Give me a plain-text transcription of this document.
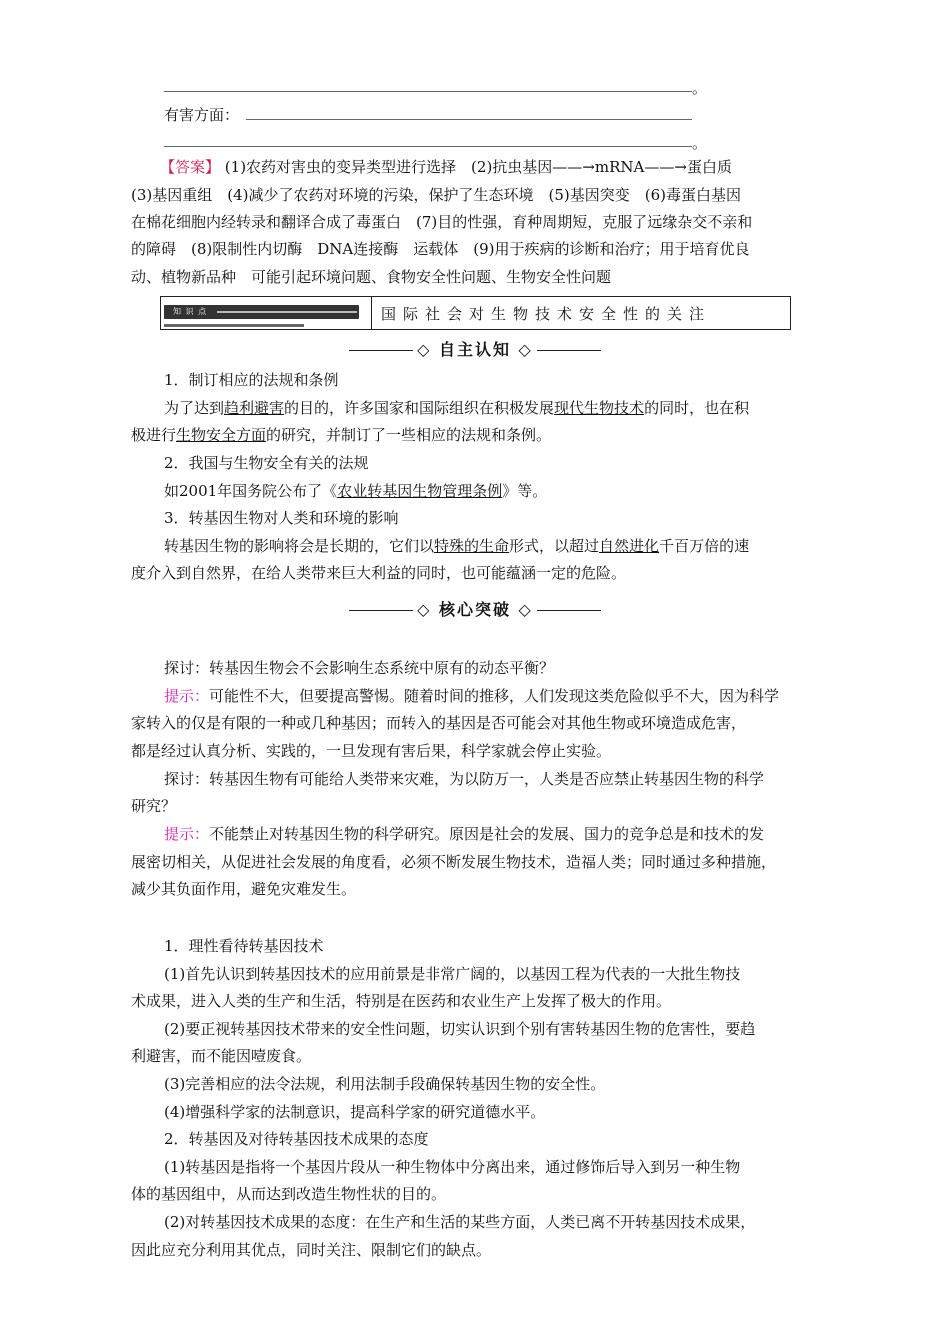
。
有害方面：
。
【答案】 (1)农药对害虫的变异类型进行选择　(2)抗虫基因——→mRNA——→蛋白质
(3)基因重组　(4)减少了农药对环境的污染，保护了生态环境　(5)基因突变　(6)毒蛋白基因
在棉花细胞内经转录和翻译合成了毒蛋白　(7)目的性强，育种周期短，克服了远缘杂交不亲和
的障碍　(8)限制性内切酶　DNA连接酶　运载体　(9)用于疾病的诊断和治疗；用于培育优良
动、植物新品种　可能引起环境问题、食物安全性问题、生物安全性问题
知 识 点	国际社会对生物技术安全性的关注
◇ 自主认知 ◇
1．制订相应的法规和条例
为了达到趋利避害的目的，许多国家和国际组织在积极发展现代生物技术的同时，也在积
极进行生物安全方面的研究，并制订了一些相应的法规和条例。
2．我国与生物安全有关的法规
如2001年国务院公布了《农业转基因生物管理条例》等。
3．转基因生物对人类和环境的影响
转基因生物的影响将会是长期的，它们以特殊的生命形式，以超过自然进化千百万倍的速
度介入到自然界，在给人类带来巨大利益的同时，也可能蕴涵一定的危险。
◇ 核心突破 ◇
探讨：转基因生物会不会影响生态系统中原有的动态平衡？
提示：可能性不大，但要提高警惕。随着时间的推移，人们发现这类危险似乎不大，因为科学
家转入的仅是有限的一种或几种基因；而转入的基因是否可能会对其他生物或环境造成危害，
都是经过认真分析、实践的，一旦发现有害后果，科学家就会停止实验。
探讨：转基因生物有可能给人类带来灾难，为以防万一，人类是否应禁止转基因生物的科学
研究？
提示：不能禁止对转基因生物的科学研究。原因是社会的发展、国力的竞争总是和技术的发
展密切相关，从促进社会发展的角度看，必须不断发展生物技术，造福人类；同时通过多种措施，
减少其负面作用，避免灾难发生。
1．理性看待转基因技术
(1)首先认识到转基因技术的应用前景是非常广阔的，以基因工程为代表的一大批生物技
术成果，进入人类的生产和生活，特别是在医药和农业生产上发挥了极大的作用。
(2)要正视转基因技术带来的安全性问题，切实认识到个别有害转基因生物的危害性，要趋
利避害，而不能因噎废食。
(3)完善相应的法令法规，利用法制手段确保转基因生物的安全性。
(4)增强科学家的法制意识，提高科学家的研究道德水平。
2．转基因及对待转基因技术成果的态度
(1)转基因是指将一个基因片段从一种生物体中分离出来，通过修饰后导入到另一种生物
体的基因组中，从而达到改造生物性状的目的。
(2)对转基因技术成果的态度：在生产和生活的某些方面，人类已离不开转基因技术成果，
因此应充分利用其优点，同时关注、限制它们的缺点。
